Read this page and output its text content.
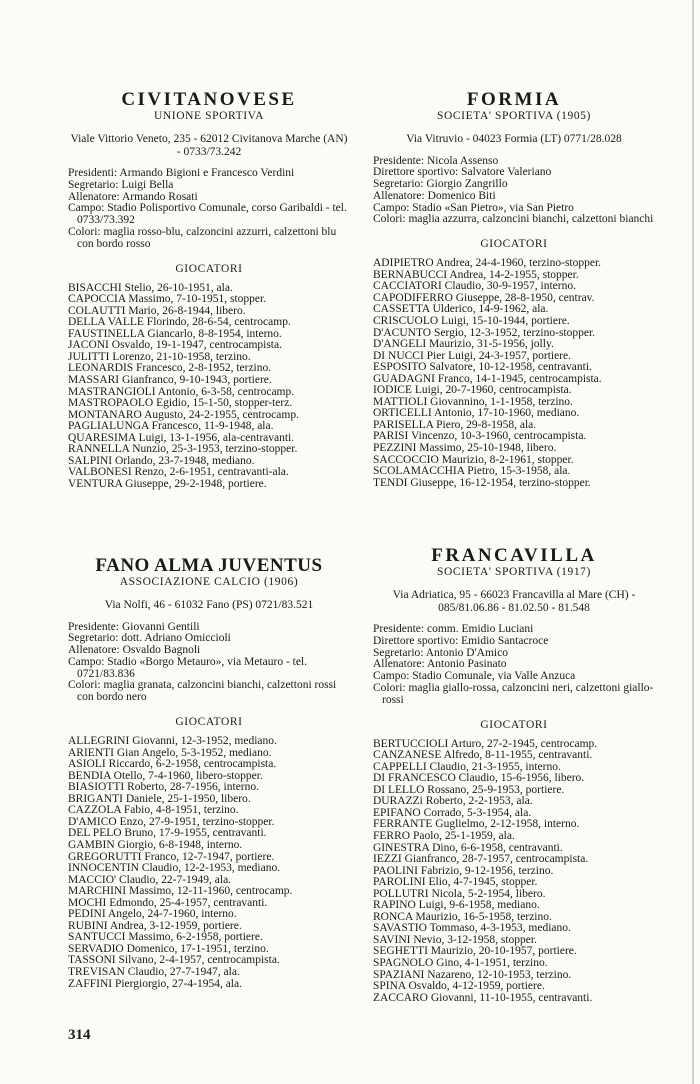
CIVITANOVESE
UNIONE SPORTIVA
Viale Vittorio Veneto, 235 - 62012 Civitanova Marche (AN) - 0733/73.242
Presidenti: Armando Bigioni e Francesco Verdini
Segretario: Luigi Bella
Allenatore: Armando Rosati
Campo: Stadio Polisportivo Comunale, corso Garibaldi - tel. 0733/73.392
Colori: maglia rosso-blu, calzoncini azzurri, calzettoni blu con bordo rosso
GIOCATORI
BISACCHI Stelio, 26-10-1951, ala.
CAPOCCIA Massimo, 7-10-1951, stopper.
COLAUTTI Mario, 26-8-1944, libero.
DELLA VALLE Florindo, 28-6-54, centrocamp.
FAUSTINELLA Giancarlo, 8-8-1954, interno.
JACONI Osvaldo, 19-1-1947, centrocampista.
JULITTI Lorenzo, 21-10-1958, terzino.
LEONARDIS Francesco, 2-8-1952, terzino.
MASSARI Gianfranco, 9-10-1943, portiere.
MASTRANGIOLI Antonio, 6-3-58, centrocamp.
MASTROPAOLO Egidio, 15-1-50, stopper-terz.
MONTANARO Augusto, 24-2-1955, centrocamp.
PAGLIALUNGA Francesco, 11-9-1948, ala.
QUARESIMA Luigi, 13-1-1956, ala-centravanti.
RANNELLA Nunzio, 25-3-1953, terzino-stopper.
SALPINI Orlando, 23-7-1948, mediano.
VALBONESI Renzo, 2-6-1951, centravanti-ala.
VENTURA Giuseppe, 29-2-1948, portiere.
FORMIA
SOCIETA' SPORTIVA (1905)
Via Vitruvio - 04023 Formia (LT) 0771/28.028
Presidente: Nicola Assenso
Direttore sportivo: Salvatore Valeriano
Segretario: Giorgio Zangrillo
Allenatore: Domenico Biti
Campo: Stadio «San Pietro», via San Pietro
Colori: maglia azzurra, calzoncini bianchi, calzettoni bianchi
GIOCATORI
ADIPIETRO Andrea, 24-4-1960, terzino-stopper.
BERNABUCCI Andrea, 14-2-1955, stopper.
CACCIATORI Claudio, 30-9-1957, interno.
CAPODIFERRO Giuseppe, 28-8-1950, centrav.
CASSETTA Ulderico, 14-9-1962, ala.
CRISCUOLO Luigi, 15-10-1944, portiere.
D'ACUNTO Sergio, 12-3-1952, terzino-stopper.
D'ANGELI Maurizio, 31-5-1956, jolly.
DI NUCCI Pier Luigi, 24-3-1957, portiere.
ESPOSITO Salvatore, 10-12-1958, centravanti.
GUADAGNI Franco, 14-1-1945, centrocampista.
IODICE Luigi, 20-7-1960, centrocampista.
MATTIOLI Giovannino, 1-1-1958, terzino.
ORTICELLI Antonio, 17-10-1960, mediano.
PARISELLA Piero, 29-8-1958, ala.
PARISI Vincenzo, 10-3-1960, centrocampista.
PEZZINI Massimo, 25-10-1948, libero.
SACCOCCIO Maurizio, 8-2-1961, stopper.
SCOLAMACCHIA Pietro, 15-3-1958, ala.
TENDI Giuseppe, 16-12-1954, terzino-stopper.
FANO ALMA JUVENTUS
ASSOCIAZIONE CALCIO (1906)
Via Nolfi, 46 - 61032 Fano (PS) 0721/83.521
Presidente: Giovanni Gentili
Segretario: dott. Adriano Omiccioli
Allenatore: Osvaldo Bagnoli
Campo: Stadio «Borgo Metauro», via Metauro - tel. 0721/83.836
Colori: maglia granata, calzoncini bianchi, calzettoni rossi con bordo nero
GIOCATORI
ALLEGRINI Giovanni, 12-3-1952, mediano.
ARIENTI Gian Angelo, 5-3-1952, mediano.
ASIOLI Riccardo, 6-2-1958, centrocampista.
BENDIA Otello, 7-4-1960, libero-stopper.
BIASIOTTI Roberto, 28-7-1956, interno.
BRIGANTI Daniele, 25-1-1950, libero.
CAZZOLA Fabio, 4-8-1951, terzino.
D'AMICO Enzo, 27-9-1951, terzino-stopper.
DEL PELO Bruno, 17-9-1955, centravanti.
GAMBIN Giorgio, 6-8-1948, interno.
GREGORUTTI Franco, 12-7-1947, portiere.
INNOCENTIN Claudio, 12-2-1953, mediano.
MACCIO' Claudio, 22-7-1949, ala.
MARCHINI Massimo, 12-11-1960, centrocamp.
MOCHI Edmondo, 25-4-1957, centravanti.
PEDINI Angelo, 24-7-1960, interno.
RUBINI Andrea, 3-12-1959, portiere.
SANTUCCI Massimo, 6-2-1958, portiere.
SERVADIO Domenico, 17-1-1951, terzino.
TASSONI Silvano, 2-4-1957, centrocampista.
TREVISAN Claudio, 27-7-1947, ala.
ZAFFINI Piergiorgio, 27-4-1954, ala.
FRANCAVILLA
SOCIETA' SPORTIVA (1917)
Via Adriatica, 95 - 66023 Francavilla al Mare (CH) - 085/81.06.86 - 81.02.50 - 81.548
Presidente: comm. Emidio Luciani
Direttore sportivo: Emidio Santacroce
Segretario: Antonio D'Amico
Allenatore: Antonio Pasinato
Campo: Stadio Comunale, via Valle Anzuca
Colori: maglia giallo-rossa, calzoncini neri, calzettoni giallo-rossi
GIOCATORI
BERTUCCIOLI Arturo, 27-2-1945, centrocamp.
CANZANESE Alfredo, 8-11-1955, centravanti.
CAPPELLI Claudio, 21-3-1955, interno.
DI FRANCESCO Claudio, 15-6-1956, libero.
DI LELLO Rossano, 25-9-1953, portiere.
DURAZZi Roberto, 2-2-1953, ala.
EPIFANO Corrado, 5-3-1954, ala.
FERRANTE Guglielmo, 2-12-1958, interno.
FERRO Paolo, 25-1-1959, ala.
GINESTRA Dino, 6-6-1958, centravanti.
IEZZI Gianfranco, 28-7-1957, centrocampista.
PAOLINI Fabrizio, 9-12-1956, terzino.
PAROLINI Elio, 4-7-1945, stopper.
POLLUTRI Nicola, 5-2-1954, libero.
RAPINO Luigi, 9-6-1958, mediano.
RONCA Maurizio, 16-5-1958, terzino.
SAVASTIO Tommaso, 4-3-1953, mediano.
SAVINI Nevio, 3-12-1958, stopper.
SEGHETTI Maurizio, 20-10-1957, portiere.
SPAGNOLO Gino, 4-1-1951, terzino.
SPAZIANI Nazareno, 12-10-1953, terzino.
SPINA Osvaldo, 4-12-1959, portiere.
ZACCARO Giovanni, 11-10-1955, centravanti.
314
